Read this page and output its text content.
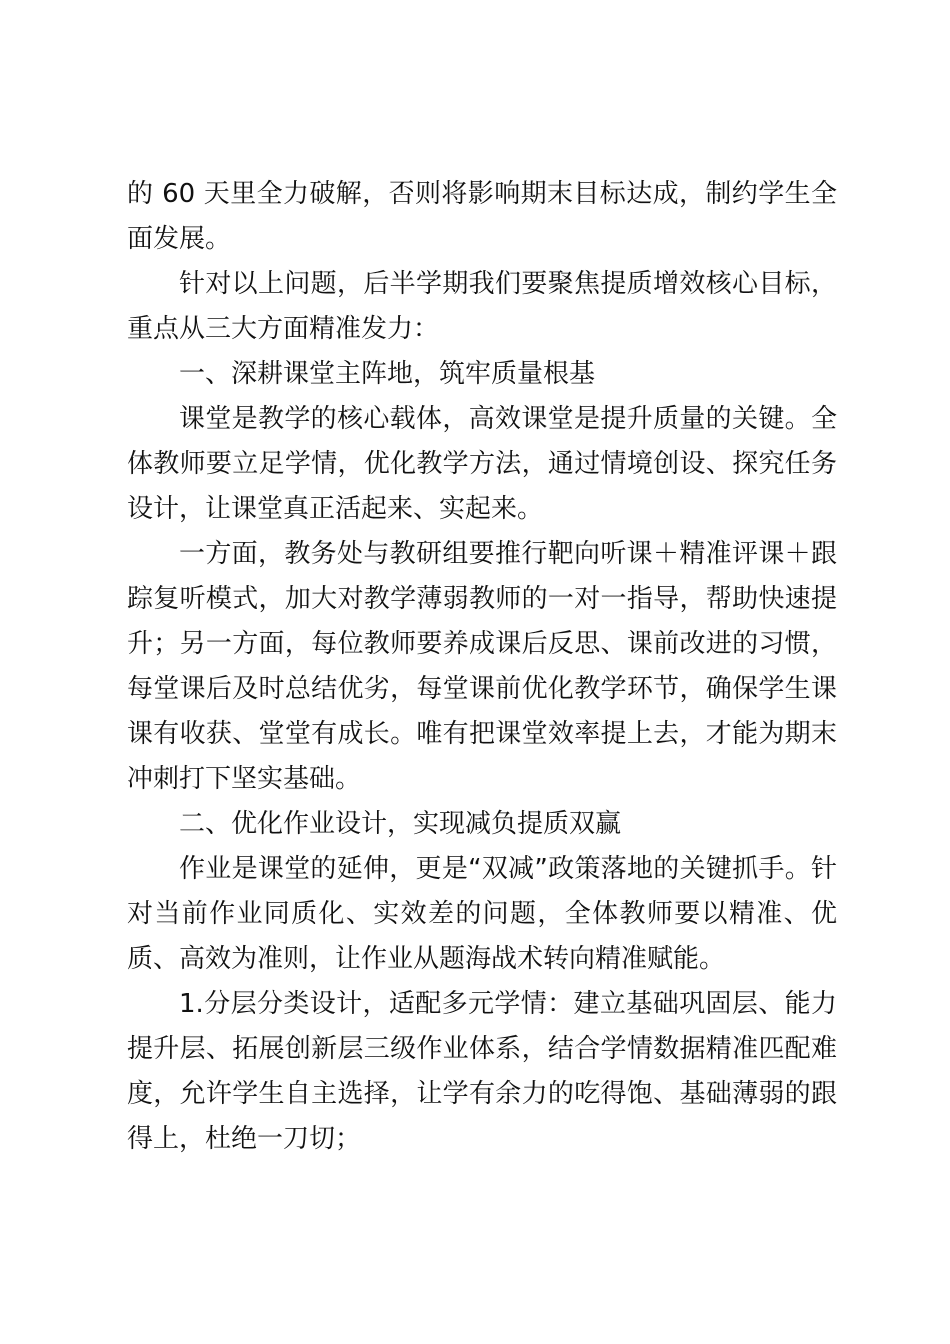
的 60 天里全力破解，否则将影响期末目标达成，制约学生全面发展。

针对以上问题，后半学期我们要聚焦提质增效核心目标，重点从三大方面精准发力：

一、深耕课堂主阵地，筑牢质量根基

课堂是教学的核心载体，高效课堂是提升质量的关键。全体教师要立足学情，优化教学方法，通过情境创设、探究任务设计，让课堂真正活起来、实起来。

一方面，教务处与教研组要推行靶向听课＋精准评课＋跟踪复听模式，加大对教学薄弱教师的一对一指导，帮助快速提升；另一方面，每位教师要养成课后反思、课前改进的习惯，每堂课后及时总结优劣，每堂课前优化教学环节，确保学生课课有收获、堂堂有成长。唯有把课堂效率提上去，才能为期末冲刺打下坚实基础。

二、优化作业设计，实现减负提质双赢

作业是课堂的延伸，更是“双减”政策落地的关键抓手。针对当前作业同质化、实效差的问题，全体教师要以精准、优质、高效为准则，让作业从题海战术转向精准赋能。

1.分层分类设计，适配多元学情：建立基础巩固层、能力提升层、拓展创新层三级作业体系，结合学情数据精准匹配难度，允许学生自主选择，让学有余力的吃得饱、基础薄弱的跟得上，杜绝一刀切；
